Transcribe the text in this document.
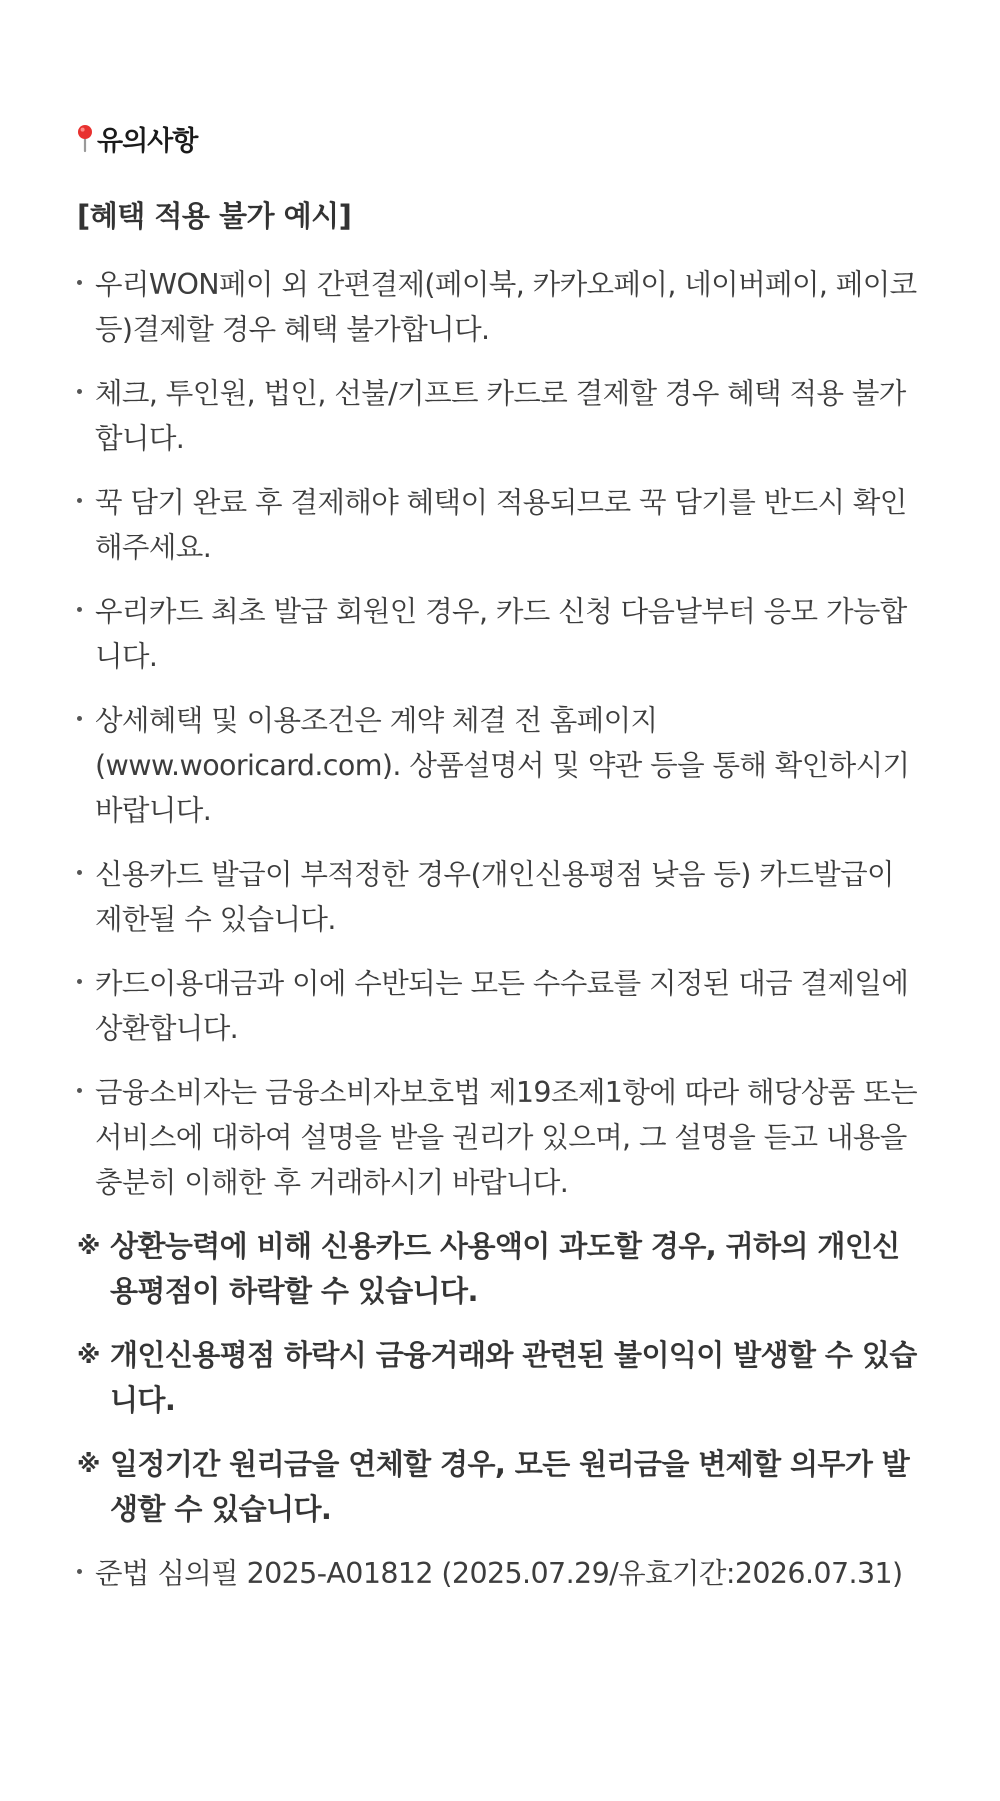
유의사항
[혜택 적용 불가 예시]
우리WON페이 외 간편결제(페이북, 카카오페이, 네이버페이, 페이코 등)결제할 경우 혜택 불가합니다.
체크, 투인원, 법인, 선불/기프트 카드로 결제할 경우 혜택 적용 불가합니다.
꾹 담기 완료 후 결제해야 혜택이 적용되므로 꾹 담기를 반드시 확인해주세요.
우리카드 최초 발급 회원인 경우, 카드 신청 다음날부터 응모 가능합니다.
상세혜택 및 이용조건은 계약 체결 전 홈페이지 (www.wooricard.com). 상품설명서 및 약관 등을 통해 확인하시기 바랍니다.
신용카드 발급이 부적정한 경우(개인신용평점 낮음 등) 카드발급이 제한될 수 있습니다.
카드이용대금과 이에 수반되는 모든 수수료를 지정된 대금 결제일에 상환합니다.
금융소비자는 금융소비자보호법 제19조제1항에 따라 해당상품 또는 서비스에 대하여 설명을 받을 권리가 있으며, 그 설명을 듣고 내용을 충분히 이해한 후 거래하시기 바랍니다.
※ 상환능력에 비해 신용카드 사용액이 과도할 경우, 귀하의 개인신용평점이 하락할 수 있습니다.
※ 개인신용평점 하락시 금융거래와 관련된 불이익이 발생할 수 있습니다.
※ 일정기간 원리금을 연체할 경우, 모든 원리금을 변제할 의무가 발생할 수 있습니다.
준법 심의필 2025-A01812 (2025.07.29/유효기간:2026.07.31)
